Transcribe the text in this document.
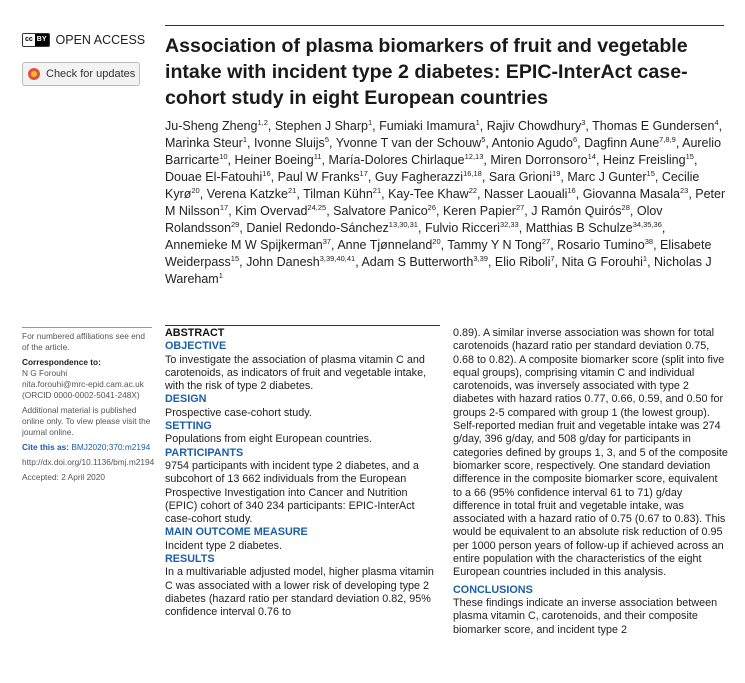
cc BY OPEN ACCESS
Check for updates
Association of plasma biomarkers of fruit and vegetable intake with incident type 2 diabetes: EPIC-InterAct case-cohort study in eight European countries
Ju-Sheng Zheng$^{1,2}$, Stephen J Sharp$^1$, Fumiaki Imamura$^1$, Rajiv Chowdhury$^3$, Thomas E Gundersen$^4$, Marinka Steur$^1$, Ivonne Sluijs$^5$, Yvonne T van der Schouw$^5$, Antonio Agudo$^6$, Dagfinn Aune$^{7,8,9}$, Aurelio Barricarte$^{10}$, Heiner Boeing$^{11}$, María-Dolores Chirlaque$^{12,13}$, Miren Dorronsoro$^{14}$, Heinz Freisling$^{15}$, Douae El-Fatouhi$^{16}$, Paul W Franks$^{17}$, Guy Fagherazzi$^{16,18}$, Sara Grioni$^{19}$, Marc J Gunter$^{15}$, Cecilie Kyrø$^{20}$, Verena Katzke$^{21}$, Tilman Kühn$^{21}$, Kay-Tee Khaw$^{22}$, Nasser Laouali$^{16}$, Giovanna Masala$^{23}$, Peter M Nilsson$^{17}$, Kim Overvad$^{24,25}$, Salvatore Panico$^{26}$, Keren Papier$^{27}$, J Ramón Quirós$^{28}$, Olov Rolandsson$^{29}$, Daniel Redondo-Sánchez$^{13,30,31}$, Fulvio Ricceri$^{32,33}$, Matthias B Schulze$^{34,35,36}$, Annemieke M W Spijkerman$^{37}$, Anne Tjønneland$^{20}$, Tammy Y N Tong$^{27}$, Rosario Tumino$^{38}$, Elisabete Weiderpass$^{15}$, John Danesh$^{3,39,40,41}$, Adam S Butterworth$^{3,39}$, Elio Riboli$^7$, Nita G Forouhi$^1$, Nicholas J Wareham$^1$

For numbered affiliations see end of the article.

Correspondence to:

N G Forouhi

nita.forouhi@mrc-epid.cam.ac.uk

(ORCID 0000-0002-5041-248X)

Additional material is published online only. To view please visit the journal online.

Cite this as: BMJ2020;370:m2194

http://dx.doi.org/10.1136/bmj.m2194

Accepted: 2 April 2020

ABSTRACT

OBJECTIVE

To investigate the association of plasma vitamin C and carotenoids, as indicators of fruit and vegetable intake, with the risk of type 2 diabetes.

DESIGN

Prospective case-cohort study.

SETTING

Populations from eight European countries.

PARTICIPANTS

9754 participants with incident type 2 diabetes, and a subcohort of 13 662 individuals from the European Prospective Investigation into Cancer and Nutrition (EPIC) cohort of 340 234 participants: EPIC-InterAct case-cohort study.

MAIN OUTCOME MEASURE

Incident type 2 diabetes.

RESULTS

In a multivariable adjusted model, higher plasma vitamin C was associated with a lower risk of developing type 2 diabetes (hazard ratio per standard deviation 0.82, 95% confidence interval 0.76 to

0.89). A similar inverse association was shown for total carotenoids (hazard ratio per standard deviation 0.75, 0.68 to 0.82). A composite biomarker score (split into five equal groups), comprising vitamin C and individual carotenoids, was inversely associated with type 2 diabetes with hazard ratios 0.77, 0.66, 0.59, and 0.50 for groups 2-5 compared with group 1 (the lowest group). Self-reported median fruit and vegetable intake was 274 g/day, 396 g/day, and 508 g/day for participants in categories defined by groups 1, 3, and 5 of the composite biomarker score, respectively. One standard deviation difference in the composite biomarker score, equivalent to a 66 (95% confidence interval 61 to 71) g/day difference in total fruit and vegetable intake, was associated with a hazard ratio of 0.75 (0.67 to 0.83). This would be equivalent to an absolute risk reduction of 0.95 per 1000 person years of follow-up if achieved across an entire population with the characteristics of the eight European countries included in this analysis.

CONCLUSIONS

These findings indicate an inverse association between plasma vitamin C, carotenoids, and their composite biomarker score, and incident type 2
